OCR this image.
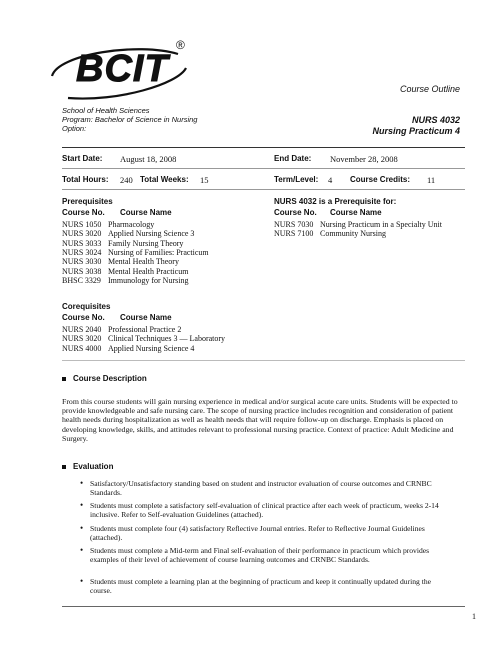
BCIT
®
Course Outline
School of Health Sciences
Program: Bachelor of Science in Nursing
Option:
NURS 4032
Nursing Practicum 4
Start Date: August 18, 2008	End Date: November 28, 2008
Total Hours: 240 Total Weeks: 15	Term/Level: 4 Course Credits: 11
Prerequisites
Course No. Course Name
NURS 1050 Pharmacology
NURS 3020 Applied Nursing Science 3
NURS 3033 Family Nursing Theory
NURS 3024 Nursing of Families: Practicum
NURS 3030 Mental Health Theory
NURS 3038 Mental Health Practicum
BHSC 3329 Immunology for Nursing
NURS 4032 is a Prerequisite for:
Course No. Course Name
NURS 7030 Nursing Practicum in a Specialty Unit
NURS 7100 Community Nursing
Corequisites
Course No. Course Name
NURS 2040 Professional Practice 2
NURS 3020 Clinical Techniques 3 — Laboratory
NURS 4000 Applied Nursing Science 4
Course Description
From this course students will gain nursing experience in medical and/or surgical acute care units. Students will be expected to provide knowledgeable and safe nursing care. The scope of nursing practice includes recognition and consideration of patient health needs during hospitalization as well as health needs that will require follow-up on discharge. Emphasis is placed on developing knowledge, skills, and attitudes relevant to professional nursing practice. Context of practice: Adult Medicine and Surgery.
Evaluation
• Satisfactory/Unsatisfactory standing based on student and instructor evaluation of course outcomes and CRNBC Standards.
• Students must complete a satisfactory self-evaluation of clinical practice after each week of practicum, weeks 2-14 inclusive. Refer to Self-evaluation Guidelines (attached).
• Students must complete four (4) satisfactory Reflective Journal entries. Refer to Reflective Journal Guidelines (attached).
• Students must complete a Mid-term and Final self-evaluation of their performance in practicum which provides examples of their level of achievement of course learning outcomes and CRNBC Standards.
• Students must complete a learning plan at the beginning of practicum and keep it continually updated during the course.
1
